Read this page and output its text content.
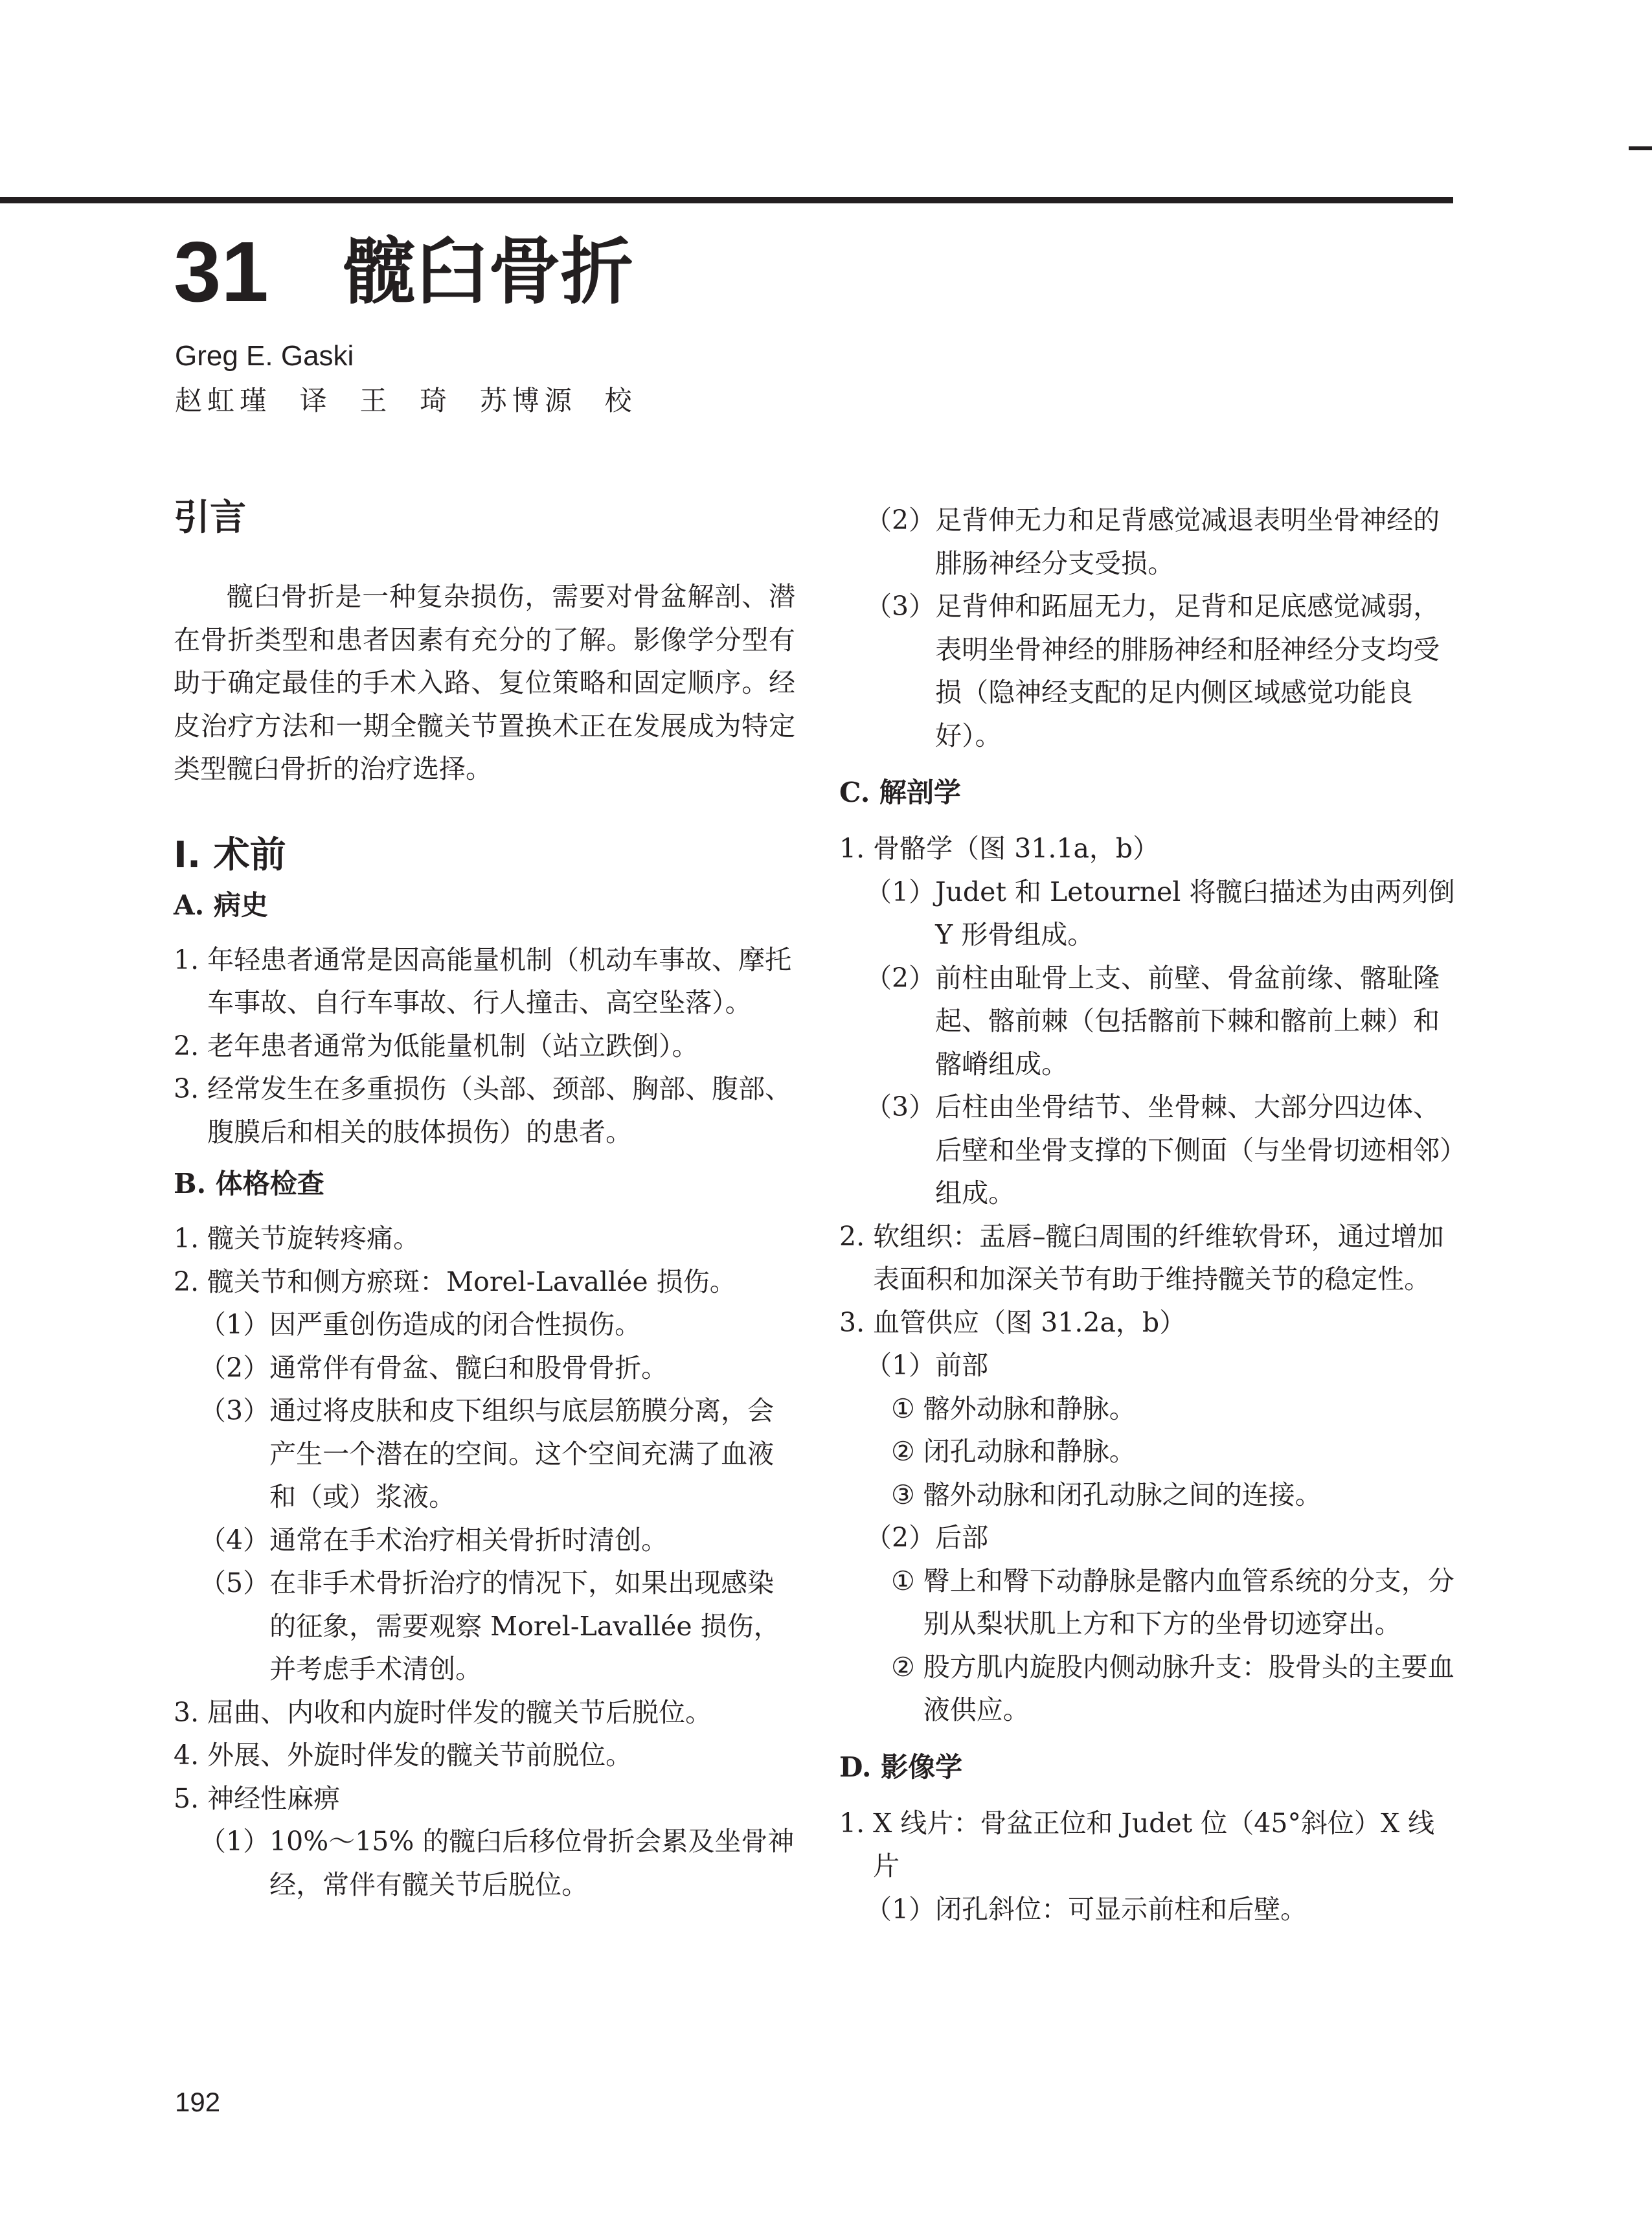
31 髋臼骨折
Greg E. Gaski
赵虹瑾  译  王  琦  苏博源  校
引言

髋臼骨折是一种复杂损伤，需要对骨盆解剖、潜在骨折类型和患者因素有充分的了解。影像学分型有助于确定最佳的手术入路、复位策略和固定顺序。经皮治疗方法和一期全髋关节置换术正在发展成为特定类型髋臼骨折的治疗选择。

Ⅰ. 术前
A. 病史
1. 年轻患者通常是因高能量机制（机动车事故、摩托车事故、自行车事故、行人撞击、高空坠落）。
2. 老年患者通常为低能量机制（站立跌倒）。
3. 经常发生在多重损伤（头部、颈部、胸部、腹部、腹膜后和相关的肢体损伤）的患者。
B. 体格检查
1. 髋关节旋转疼痛。
2. 髋关节和侧方瘀斑：Morel-Lavallée 损伤。
（1） 因严重创伤造成的闭合性损伤。
（2） 通常伴有骨盆、髋臼和股骨骨折。
（3） 通过将皮肤和皮下组织与底层筋膜分离，会产生一个潜在的空间。这个空间充满了血液和（或）浆液。
（4） 通常在手术治疗相关骨折时清创。
（5） 在非手术骨折治疗的情况下，如果出现感染的征象，需要观察 Morel-Lavallée 损伤，并考虑手术清创。
3. 屈曲、内收和内旋时伴发的髋关节后脱位。
4. 外展、外旋时伴发的髋关节前脱位。
5. 神经性麻痹
（1） 10%～15% 的髋臼后移位骨折会累及坐骨神经，常伴有髋关节后脱位。
（2） 足背伸无力和足背感觉减退表明坐骨神经的腓肠神经分支受损。
（3） 足背伸和跖屈无力，足背和足底感觉减弱，表明坐骨神经的腓肠神经和胫神经分支均受损（隐神经支配的足内侧区域感觉功能良好）。
C. 解剖学
1. 骨骼学（图 31.1a，b）
（1） Judet 和 Letournel 将髋臼描述为由两列倒 Y 形骨组成。
（2） 前柱由耻骨上支、前壁、骨盆前缘、髂耻隆起、髂前棘（包括髂前下棘和髂前上棘）和髂嵴组成。
（3） 后柱由坐骨结节、坐骨棘、大部分四边体、后壁和坐骨支撑的下侧面（与坐骨切迹相邻）组成。
2. 软组织：盂唇–髋臼周围的纤维软骨环，通过增加表面积和加深关节有助于维持髋关节的稳定性。
3. 血管供应（图 31.2a，b）
（1） 前部
① 髂外动脉和静脉。
② 闭孔动脉和静脉。
③ 髂外动脉和闭孔动脉之间的连接。
（2） 后部
① 臀上和臀下动静脉是髂内血管系统的分支，分别从梨状肌上方和下方的坐骨切迹穿出。
② 股方肌内旋股内侧动脉升支：股骨头的主要血液供应。
D. 影像学
1. X 线片：骨盆正位和 Judet 位（45°斜位）X 线片
（1） 闭孔斜位：可显示前柱和后壁。
192
